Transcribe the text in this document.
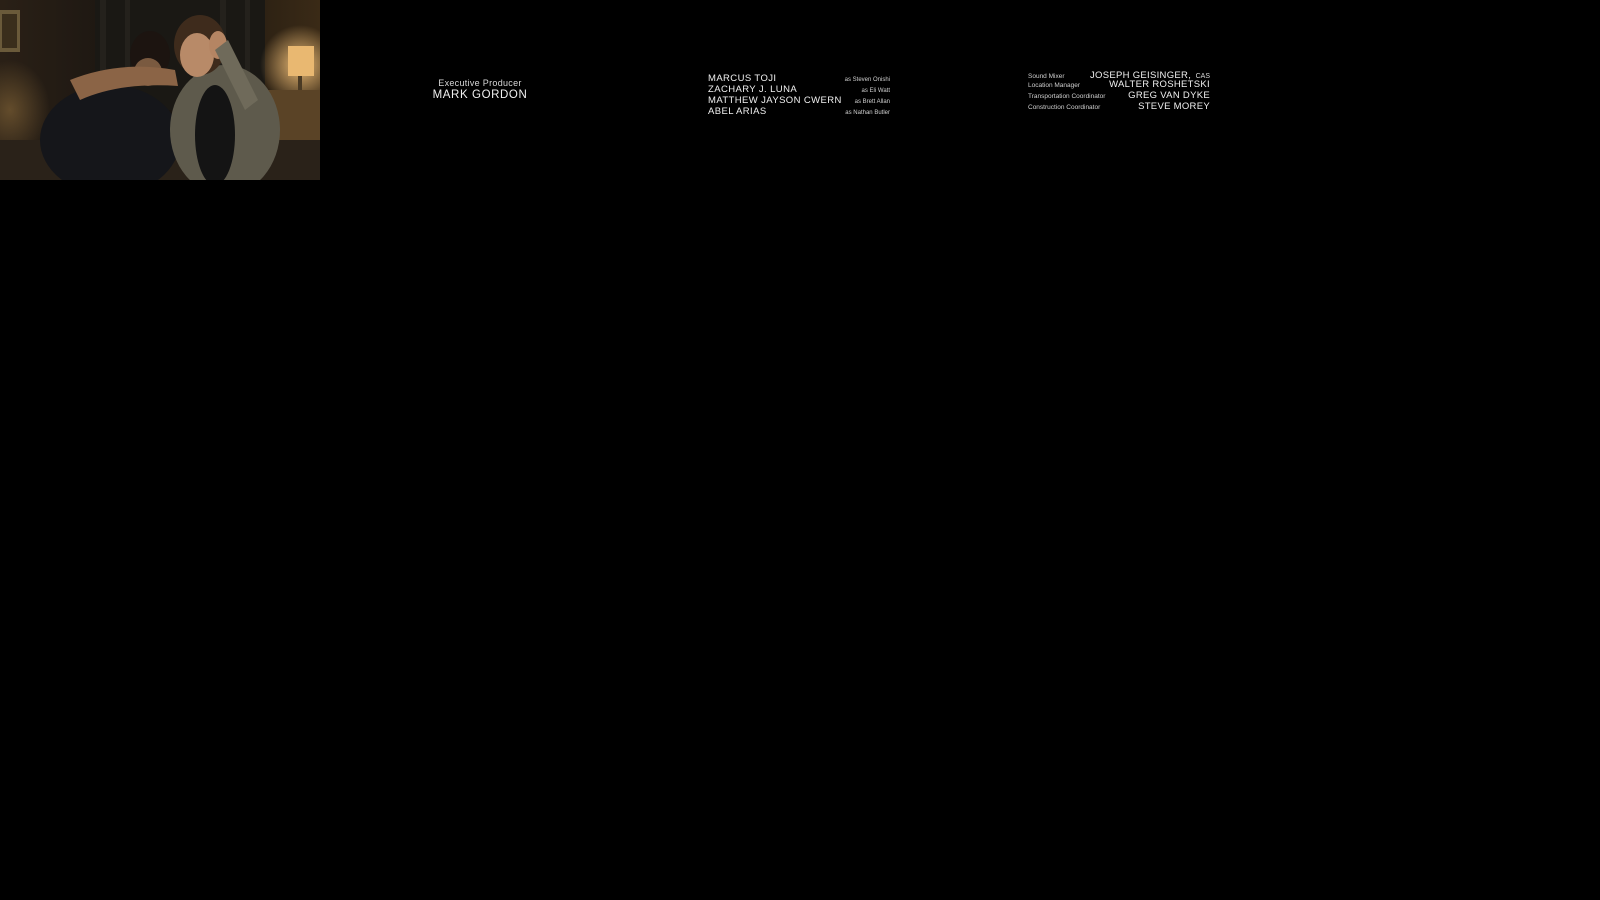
Executive Producer
MARK GORDON
MARCUS TOJI	as Steven Onishi
ZACHARY J. LUNA	as Eli Watt
MATTHEW JAYSON CWERN as Brett Allan
ABEL ARIAS	as Nathan Butler
Sound Mixer	JOSEPH GEISINGER, CAS
Location Manager	WALTER ROSHETSKI
Transportation Coordinator GREG VAN DYKE
Construction Coordinator	STEVE MOREY
